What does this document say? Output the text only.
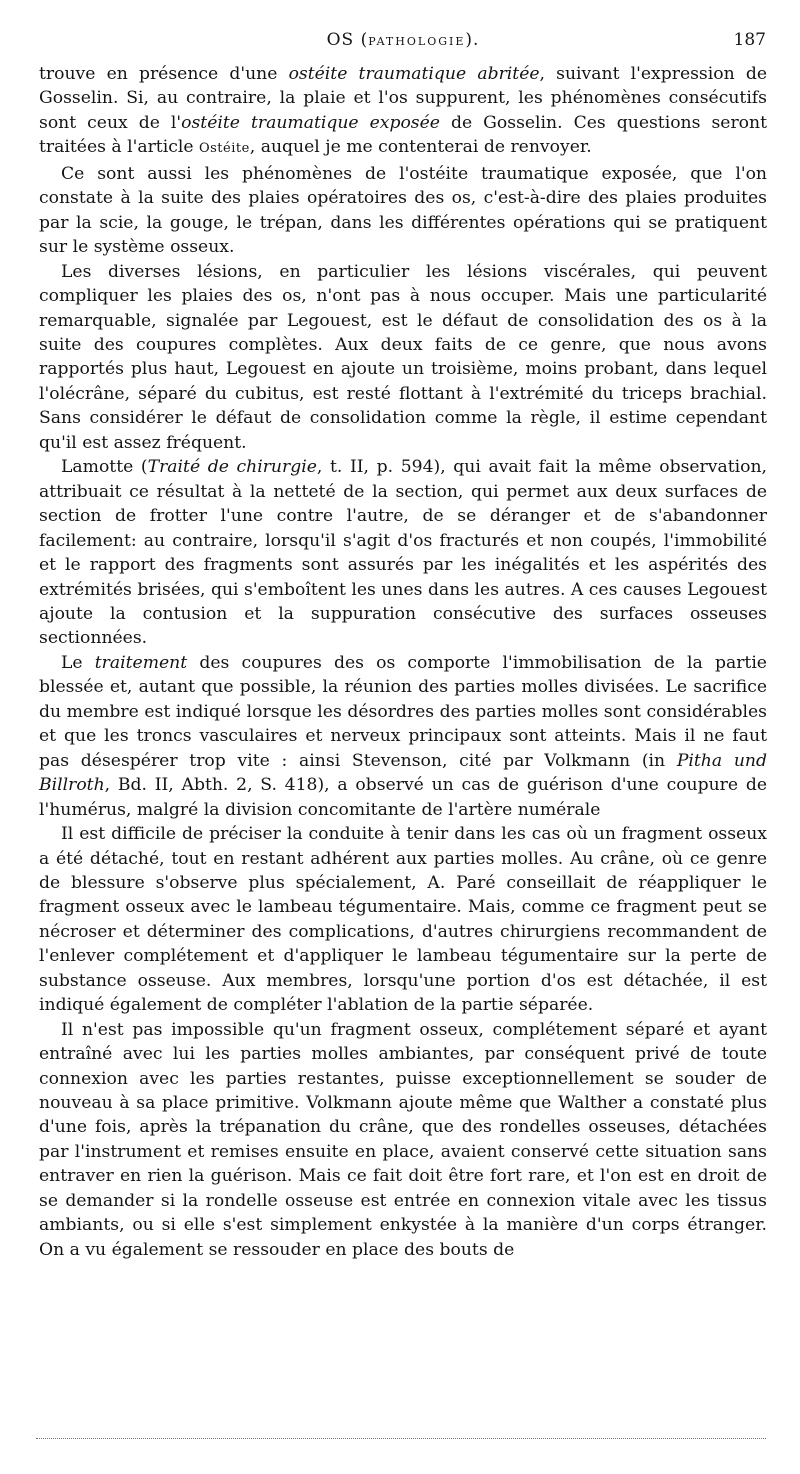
OS (PATHOLOGIE).	187

trouve en présence d'une ostéite traumatique abritée, suivant l'expression de Gosselin. Si, au contraire, la plaie et l'os suppurent, les phénomènes consécutifs sont ceux de l'ostéite traumatique exposée de Gosselin. Ces questions seront traitées à l'article Ostéite, auquel je me contenterai de renvoyer.

Ce sont aussi les phénomènes de l'ostéite traumatique exposée, que l'on constate à la suite des plaies opératoires des os, c'est-à-dire des plaies produites par la scie, la gouge, le trépan, dans les différentes opérations qui se pratiquent sur le système osseux.

Les diverses lésions, en particulier les lésions viscérales, qui peuvent compliquer les plaies des os, n'ont pas à nous occuper. Mais une particularité remarquable, signalée par Legouest, est le défaut de consolidation des os à la suite des coupures complètes. Aux deux faits de ce genre, que nous avons rapportés plus haut, Legouest en ajoute un troisième, moins probant, dans lequel l'olécrâne, séparé du cubitus, est resté flottant à l'extrémité du triceps brachial. Sans considérer le défaut de consolidation comme la règle, il estime cependant qu'il est assez fréquent.

Lamotte (Traité de chirurgie, t. II, p. 594), qui avait fait la même observation, attribuait ce résultat à la netteté de la section, qui permet aux deux surfaces de section de frotter l'une contre l'autre, de se déranger et de s'abandonner facilement: au contraire, lorsqu'il s'agit d'os fracturés et non coupés, l'immobilité et le rapport des fragments sont assurés par les inégalités et les aspérités des extrémités brisées, qui s'emboîtent les unes dans les autres. A ces causes Legouest ajoute la contusion et la suppuration consécutive des surfaces osseuses sectionnées.

Le traitement des coupures des os comporte l'immobilisation de la partie blessée et, autant que possible, la réunion des parties molles divisées. Le sacrifice du membre est indiqué lorsque les désordres des parties molles sont considérables et que les troncs vasculaires et nerveux principaux sont atteints. Mais il ne faut pas désespérer trop vite : ainsi Stevenson, cité par Volkmann (in Pitha und Billroth, Bd. II, Abth. 2, S. 418), a observé un cas de guérison d'une coupure de l'humérus, malgré la division concomitante de l'artère numérale

Il est difficile de préciser la conduite à tenir dans les cas où un fragment osseux a été détaché, tout en restant adhérent aux parties molles. Au crâne, où ce genre de blessure s'observe plus spécialement, A. Paré conseillait de réappliquer le fragment osseux avec le lambeau tégumentaire. Mais, comme ce fragment peut se nécroser et déterminer des complications, d'autres chirurgiens recommandent de l'enlever complétement et d'appliquer le lambeau tégumentaire sur la perte de substance osseuse. Aux membres, lorsqu'une portion d'os est détachée, il est indiqué également de compléter l'ablation de la partie séparée.

Il n'est pas impossible qu'un fragment osseux, complétement séparé et ayant entraîné avec lui les parties molles ambiantes, par conséquent privé de toute connexion avec les parties restantes, puisse exceptionnellement se souder de nouveau à sa place primitive. Volkmann ajoute même que Walther a constaté plus d'une fois, après la trépanation du crâne, que des rondelles osseuses, détachées par l'instrument et remises ensuite en place, avaient conservé cette situation sans entraver en rien la guérison. Mais ce fait doit être fort rare, et l'on est en droit de se demander si la rondelle osseuse est entrée en connexion vitale avec les tissus ambiants, ou si elle s'est simplement enkystée à la manière d'un corps étranger. On a vu également se ressouder en place des bouts de
